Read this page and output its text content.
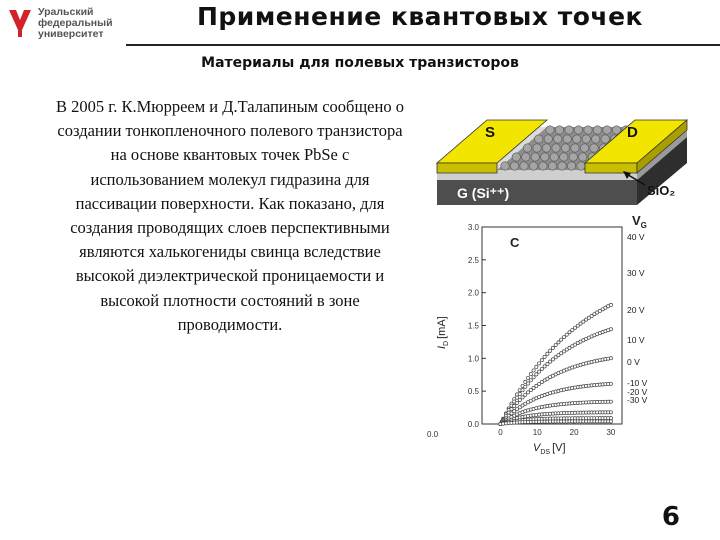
Уральский
федеральный
университет
Применение квантовых точек
Материалы для полевых транзисторов
В 2005 г. К.Мюрреем и Д.Талапиным сообщено о создании тонкопленочного полевого транзистора на основе квантовых точек PbSe с использованием молекул гидразина для пассивации поверхности. Как показано, для создания проводящих слоев перспективными являются халькогениды свинца вследствие высокой диэлектрической проницаемости и высокой плотности состояний в зоне проводимости.
S	D
G (Si⁺⁺)	SiO₂
0.0
0.5
1.0
1.5
2.0
2.5
3.0
0	10	20	30
40 V
30 V
20 V
10 V
0 V
-10 V
-20 V
-30 V
C
$V_G$
$V_{DS}$ [V]
$I_D[mA]$
0.0
6
